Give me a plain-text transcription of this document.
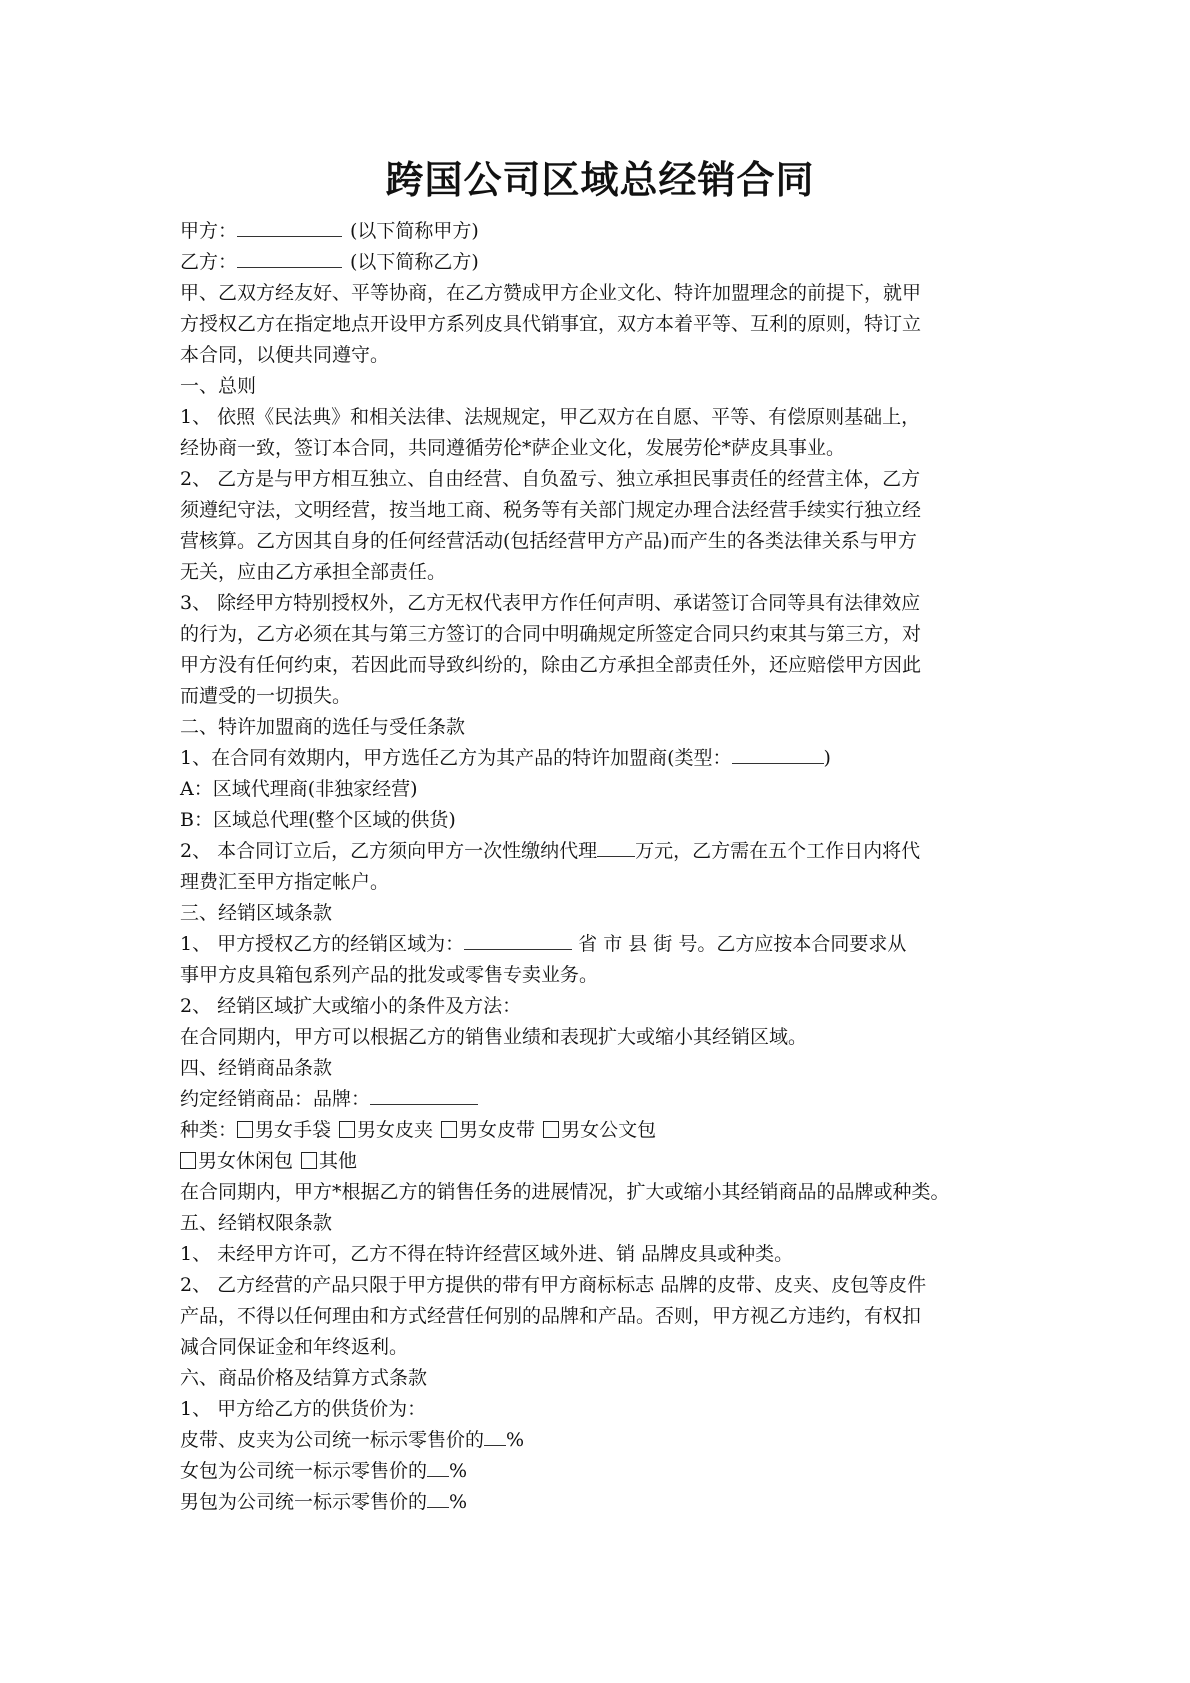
跨国公司区域总经销合同

甲方：	(以下简称甲方)

乙方：	(以下简称乙方)

甲、乙双方经友好、平等协商，在乙方赞成甲方企业文化、特许加盟理念的前提下，就甲

方授权乙方在指定地点开设甲方系列皮具代销事宜，双方本着平等、互利的原则，特订立

本合同，以便共同遵守。

一、总则

1、 依照《民法典》和相关法律、法规规定，甲乙双方在自愿、平等、有偿原则基础上，

经协商一致，签订本合同，共同遵循劳伦*萨企业文化，发展劳伦*萨皮具事业。

2、 乙方是与甲方相互独立、自由经营、自负盈亏、独立承担民事责任的经营主体，乙方

须遵纪守法，文明经营，按当地工商、税务等有关部门规定办理合法经营手续实行独立经

营核算。乙方因其自身的任何经营活动(包括经营甲方产品)而产生的各类法律关系与甲方

无关，应由乙方承担全部责任。

3、 除经甲方特别授权外，乙方无权代表甲方作任何声明、承诺签订合同等具有法律效应

的行为，乙方必须在其与第三方签订的合同中明确规定所签定合同只约束其与第三方，对

甲方没有任何约束，若因此而导致纠纷的，除由乙方承担全部责任外，还应赔偿甲方因此

而遭受的一切损失。

二、特许加盟商的选任与受任条款

1、在合同有效期内，甲方选任乙方为其产品的特许加盟商(类型：	)

A：区域代理商(非独家经营)

B：区域总代理(整个区域的供货)

2、 本合同订立后，乙方须向甲方一次性缴纳代理 万元，乙方需在五个工作日内将代

理费汇至甲方指定帐户。

三、经销区域条款

1、 甲方授权乙方的经销区域为：	省 市 县 街 号。乙方应按本合同要求从

事甲方皮具箱包系列产品的批发或零售专卖业务。

2、 经销区域扩大或缩小的条件及方法：

在合同期内，甲方可以根据乙方的销售业绩和表现扩大或缩小其经销区域。

四、经销商品条款

约定经销商品：品牌：

种类： 男女手袋 男女皮夹 男女皮带 男女公文包

男女休闲包 其他

在合同期内，甲方*根据乙方的销售任务的进展情况，扩大或缩小其经销商品的品牌或种类。

五、经销权限条款

1、 未经甲方许可，乙方不得在特许经营区域外进、销 品牌皮具或种类。

2、 乙方经营的产品只限于甲方提供的带有甲方商标标志 品牌的皮带、皮夹、皮包等皮件

产品，不得以任何理由和方式经营任何别的品牌和产品。否则，甲方视乙方违约，有权扣

减合同保证金和年终返利。

六、商品价格及结算方式条款

1、 甲方给乙方的供货价为：

皮带、皮夹为公司统一标示零售价的 %

女包为公司统一标示零售价的 %

男包为公司统一标示零售价的 %
